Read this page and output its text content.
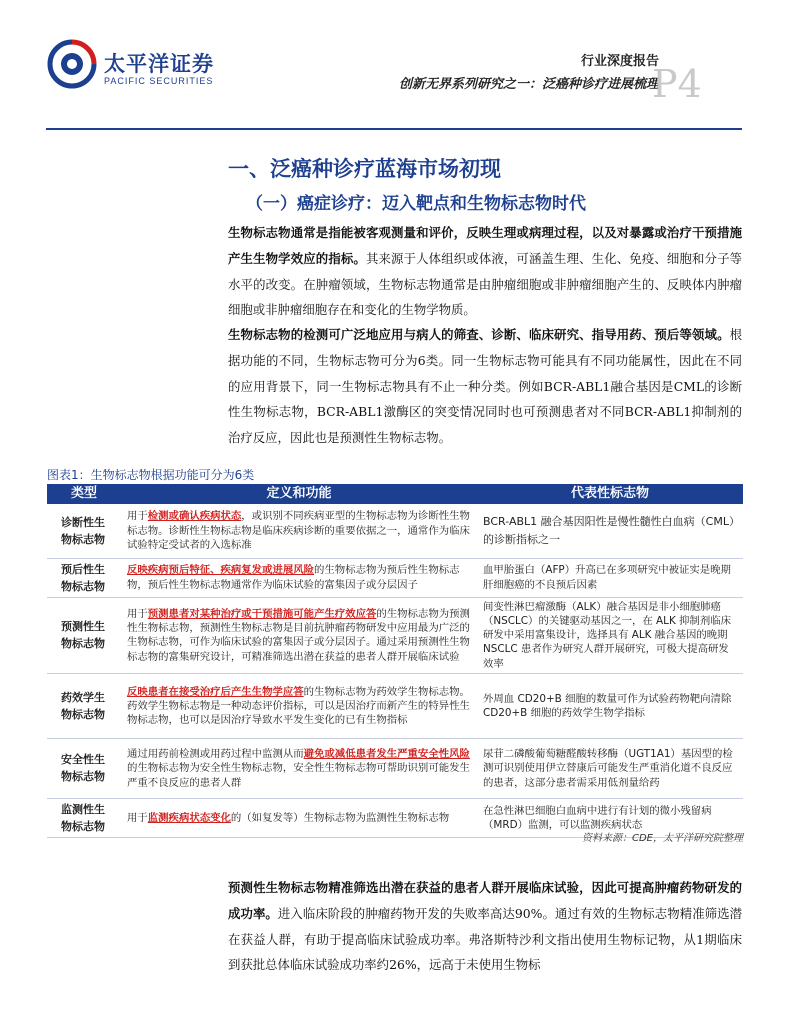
太平洋证券
PACIFIC SECURITIES
行业深度报告
创新无界系列研究之一：泛癌种诊疗进展梳理
P4
一、泛癌种诊疗蓝海市场初现
（一）癌症诊疗：迈入靶点和生物标志物时代

生物标志物通常是指能被客观测量和评价，反映生理或病理过程，以及对暴露或治疗干预措施产生生物学效应的指标。其来源于人体组织或体液，可涵盖生理、生化、免疫、细胞和分子等水平的改变。在肿瘤领域，生物标志物通常是由肿瘤细胞或非肿瘤细胞产生的、反映体内肿瘤细胞或非肿瘤细胞存在和变化的生物学物质。

生物标志物的检测可广泛地应用与病人的筛查、诊断、临床研究、指导用药、预后等领域。根据功能的不同，生物标志物可分为6类。同一生物标志物可能具有不同功能属性，因此在不同的应用背景下，同一生物标志物具有不止一种分类。例如BCR-ABL1融合基因是CML的诊断性生物标志物，BCR-ABL1激酶区的突变情况同时也可预测患者对不同BCR-ABL1抑制剂的治疗反应，因此也是预测性生物标志物。

图表1：生物标志物根据功能可分为6类
类型	定义和功能	代表性标志物
诊断性生物标志物	用于检测或确认疾病状态，或识别不同疾病亚型的生物标志物为诊断性生物标志物。诊断性生物标志物是临床疾病诊断的重要依据之一，通常作为临床试验特定受试者的入选标准	BCR-ABL1 融合基因阳性是慢性髓性白血病（CML）的诊断指标之一
预后性生物标志物	反映疾病预后特征、疾病复发或进展风险的生物标志物为预后性生物标志物，预后性生物标志物通常作为临床试验的富集因子或分层因子	血甲胎蛋白（AFP）升高已在多项研究中被证实是晚期肝细胞癌的不良预后因素
预测性生物标志物	用于预测患者对某种治疗或干预措施可能产生疗效应答的生物标志物为预测性生物标志物，预测性生物标志物是目前抗肿瘤药物研发中应用最为广泛的生物标志物，可作为临床试验的富集因子或分层因子。通过采用预测性生物标志物的富集研究设计，可精准筛选出潜在获益的患者人群开展临床试验	间变性淋巴瘤激酶（ALK）融合基因是非小细胞肺癌（NSCLC）的关键驱动基因之一，在 ALK 抑制剂临床研发中采用富集设计，选择具有 ALK 融合基因的晚期 NSCLC 患者作为研究人群开展研究，可极大提高研发效率
药效学生物标志物	反映患者在接受治疗后产生生物学应答的生物标志物为药效学生物标志物。药效学生物标志物是一种动态评价指标，可以是因治疗而新产生的特异性生物标志物，也可以是因治疗导致水平发生变化的已有生物指标	外周血 CD20+B 细胞的数量可作为试验药物靶向清除 CD20+B 细胞的药效学生物学指标
安全性生物标志物	通过用药前检测或用药过程中监测从而避免或减低患者发生严重安全性风险的生物标志物为安全性生物标志物，安全性生物标志物可帮助识别可能发生严重不良反应的患者人群	尿苷二磷酸葡萄糖醛酸转移酶（UGT1A1）基因型的检测可识别使用伊立替康后可能发生严重消化道不良反应的患者，这部分患者需采用低剂量给药
监测性生物标志物	用于监测疾病状态变化的（如复发等）生物标志物为监测性生物标志物	在急性淋巴细胞白血病中进行有计划的微小残留病（MRD）监测，可以监测疾病状态
资料来源：CDE，太平洋研究院整理

预测性生物标志物精准筛选出潜在获益的患者人群开展临床试验，因此可提高肿瘤药物研发的成功率。进入临床阶段的肿瘤药物开发的失败率高达90%。通过有效的生物标志物精准筛选潜在获益人群，有助于提高临床试验成功率。弗洛斯特沙利文指出使用生物标记物，从1期临床到获批总体临床试验成功率约26%，远高于未使用生物标
